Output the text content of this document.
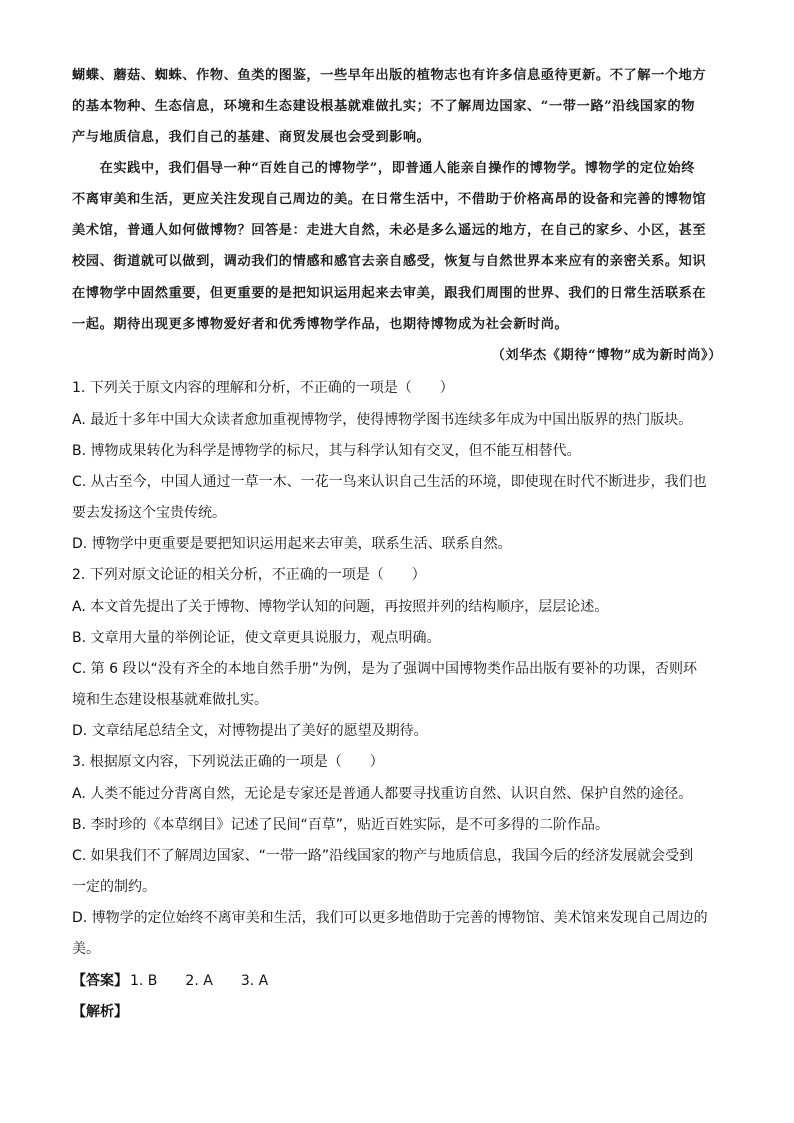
蝴蝶、蘑菇、蜘蛛、作物、鱼类的图鉴，一些早年出版的植物志也有许多信息亟待更新。不了解一个地方
的基本物种、生态信息，环境和生态建设根基就难做扎实；不了解周边国家、“一带一路”沿线国家的物
产与地质信息，我们自己的基建、商贸发展也会受到影响。
　　在实践中，我们倡导一种“百姓自己的博物学”，即普通人能亲自操作的博物学。博物学的定位始终
不离审美和生活，更应关注发现自己周边的美。在日常生活中，不借助于价格高昂的设备和完善的博物馆
美术馆，普通人如何做博物？回答是：走进大自然，未必是多么遥远的地方，在自己的家乡、小区，甚至
校园、街道就可以做到，调动我们的情感和感官去亲自感受，恢复与自然世界本来应有的亲密关系。知识
在博物学中固然重要，但更重要的是把知识运用起来去审美，跟我们周围的世界、我们的日常生活联系在
一起。期待出现更多博物爱好者和优秀博物学作品，也期待博物成为社会新时尚。
（刘华杰《期待“博物”成为新时尚》）
1. 下列关于原文内容的理解和分析，不正确的一项是（　　）
A. 最近十多年中国大众读者愈加重视博物学，使得博物学图书连续多年成为中国出版界的热门版块。
B. 博物成果转化为科学是博物学的标尺，其与科学认知有交叉，但不能互相替代。
C. 从古至今，中国人通过一草一木、一花一鸟来认识自己生活的环境，即使现在时代不断进步，我们也
要去发扬这个宝贵传统。
D. 博物学中更重要是要把知识运用起来去审美，联系生活、联系自然。
2. 下列对原文论证的相关分析，不正确的一项是（　　）
A. 本文首先提出了关于博物、博物学认知的问题，再按照并列的结构顺序，层层论述。
B. 文章用大量的举例论证，使文章更具说服力，观点明确。
C. 第 6 段以“没有齐全的本地自然手册”为例，是为了强调中国博物类作品出版有要补的功课，否则环
境和生态建设根基就难做扎实。
D. 文章结尾总结全文，对博物提出了美好的愿望及期待。
3. 根据原文内容，下列说法正确的一项是（　　）
A. 人类不能过分背离自然，无论是专家还是普通人都要寻找重访自然、认识自然、保护自然的途径。
B. 李时珍的《本草纲目》记述了民间“百草”，贴近百姓实际，是不可多得的二阶作品。
C. 如果我们不了解周边国家、“一带一路”沿线国家的物产与地质信息，我国今后的经济发展就会受到
一定的制约。
D. 博物学的定位始终不离审美和生活，我们可以更多地借助于完善的博物馆、美术馆来发现自己周边的
美。
【答案】 1. B 2. A 3. A
【解析】
